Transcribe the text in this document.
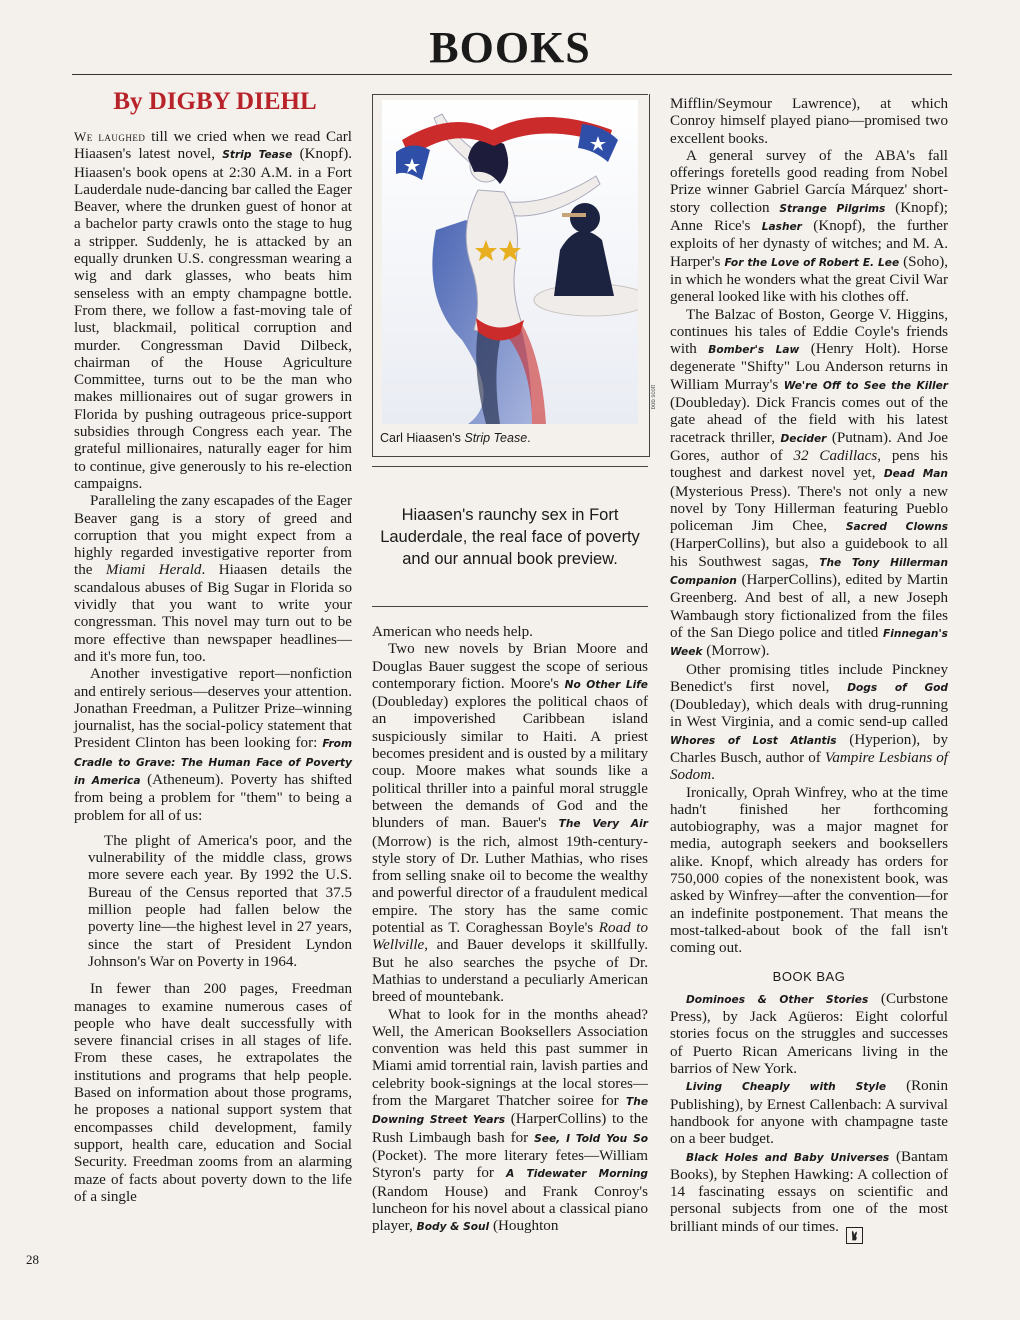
BOOKS
By DIGBY DIEHL

We laughed till we cried when we read Carl Hiaasen's latest novel, Strip Tease (Knopf). Hiaasen's book opens at 2:30 A.M. in a Fort Lauderdale nude-dancing bar called the Eager Beaver, where the drunken guest of honor at a bachelor party crawls onto the stage to hug a stripper. Suddenly, he is attacked by an equally drunken U.S. congressman wearing a wig and dark glasses, who beats him senseless with an empty champagne bottle. From there, we follow a fast-moving tale of lust, blackmail, political corruption and murder. Congressman David Dilbeck, chairman of the House Agriculture Committee, turns out to be the man who makes millionaires out of sugar growers in Florida by pushing outrageous price-support subsidies through Congress each year. The grateful millionaires, naturally eager for him to continue, give generously to his re-election campaigns.

Paralleling the zany escapades of the Eager Beaver gang is a story of greed and corruption that you might expect from a highly regarded investigative reporter from the Miami Herald. Hiaasen details the scandalous abuses of Big Sugar in Florida so vividly that you want to write your congressman. This novel may turn out to be more effective than newspaper headlines—and it's more fun, too.

Another investigative report—nonfiction and entirely serious—deserves your attention. Jonathan Freedman, a Pulitzer Prize–winning journalist, has the social-policy statement that President Clinton has been looking for: From Cradle to Grave: The Human Face of Poverty in America (Atheneum). Poverty has shifted from being a problem for "them" to being a problem for all of us:

The plight of America's poor, and the vulnerability of the middle class, grows more severe each year. By 1992 the U.S. Bureau of the Census reported that 37.5 million people had fallen below the poverty line—the highest level in 27 years, since the start of President Lyndon Johnson's War on Poverty in 1964.

In fewer than 200 pages, Freedman manages to examine numerous cases of people who have dealt successfully with severe financial crises in all stages of life. From these cases, he extrapolates the institutions and programs that help people. Based on information about those programs, he proposes a national support system that encompasses child development, family support, health care, education and Social Security. Freedman zooms from an alarming maze of facts about poverty down to the life of a single

Carl Hiaasen's Strip Tease.
bob scott

Hiaasen's raunchy sex in Fort Lauderdale, the real face of poverty and our annual book preview.

American who needs help.

Two new novels by Brian Moore and Douglas Bauer suggest the scope of serious contemporary fiction. Moore's No Other Life (Doubleday) explores the political chaos of an impoverished Caribbean island suspiciously similar to Haiti. A priest becomes president and is ousted by a military coup. Moore makes what sounds like a political thriller into a painful moral struggle between the demands of God and the blunders of man. Bauer's The Very Air (Morrow) is the rich, almost 19th-century-style story of Dr. Luther Mathias, who rises from selling snake oil to become the wealthy and powerful director of a fraudulent medical empire. The story has the same comic potential as T. Coraghessan Boyle's Road to Wellville, and Bauer develops it skillfully. But he also searches the psyche of Dr. Mathias to understand a peculiarly American breed of mountebank.

What to look for in the months ahead? Well, the American Booksellers Association convention was held this past summer in Miami amid torrential rain, lavish parties and celebrity book-signings at the local stores—from the Margaret Thatcher soiree for The Downing Street Years (HarperCollins) to the Rush Limbaugh bash for See, I Told You So (Pocket). The more literary fetes—William Styron's party for A Tidewater Morning (Random House) and Frank Conroy's luncheon for his novel about a classical piano player, Body & Soul (Houghton

Mifflin/Seymour Lawrence), at which Conroy himself played piano—promised two excellent books.

A general survey of the ABA's fall offerings foretells good reading from Nobel Prize winner Gabriel García Márquez' short-story collection Strange Pilgrims (Knopf); Anne Rice's Lasher (Knopf), the further exploits of her dynasty of witches; and M. A. Harper's For the Love of Robert E. Lee (Soho), in which he wonders what the great Civil War general looked like with his clothes off.

The Balzac of Boston, George V. Higgins, continues his tales of Eddie Coyle's friends with Bomber's Law (Henry Holt). Horse degenerate "Shifty" Lou Anderson returns in William Murray's We're Off to See the Killer (Doubleday). Dick Francis comes out of the gate ahead of the field with his latest racetrack thriller, Decider (Putnam). And Joe Gores, author of 32 Cadillacs, pens his toughest and darkest novel yet, Dead Man (Mysterious Press). There's not only a new novel by Tony Hillerman featuring Pueblo policeman Jim Chee, Sacred Clowns (HarperCollins), but also a guidebook to all his Southwest sagas, The Tony Hillerman Companion (HarperCollins), edited by Martin Greenberg. And best of all, a new Joseph Wambaugh story fictionalized from the files of the San Diego police and titled Finnegan's Week (Morrow).

Other promising titles include Pinckney Benedict's first novel, Dogs of God (Doubleday), which deals with drug-running in West Virginia, and a comic send-up called Whores of Lost Atlantis (Hyperion), by Charles Busch, author of Vampire Lesbians of Sodom.

Ironically, Oprah Winfrey, who at the time hadn't finished her forthcoming autobiography, was a major magnet for media, autograph seekers and booksellers alike. Knopf, which already has orders for 750,000 copies of the nonexistent book, was asked by Winfrey—after the convention—for an indefinite postponement. That means the most-talked-about book of the fall isn't coming out.

BOOK BAG

Dominoes & Other Stories (Curbstone Press), by Jack Agüeros: Eight colorful stories focus on the struggles and successes of Puerto Rican Americans living in the barrios of New York.

Living Cheaply with Style (Ronin Publishing), by Ernest Callenbach: A survival handbook for anyone with champagne taste on a beer budget.

Black Holes and Baby Universes (Bantam Books), by Stephen Hawking: A collection of 14 fascinating essays on scientific and personal subjects from one of the most brilliant minds of our times.

28
